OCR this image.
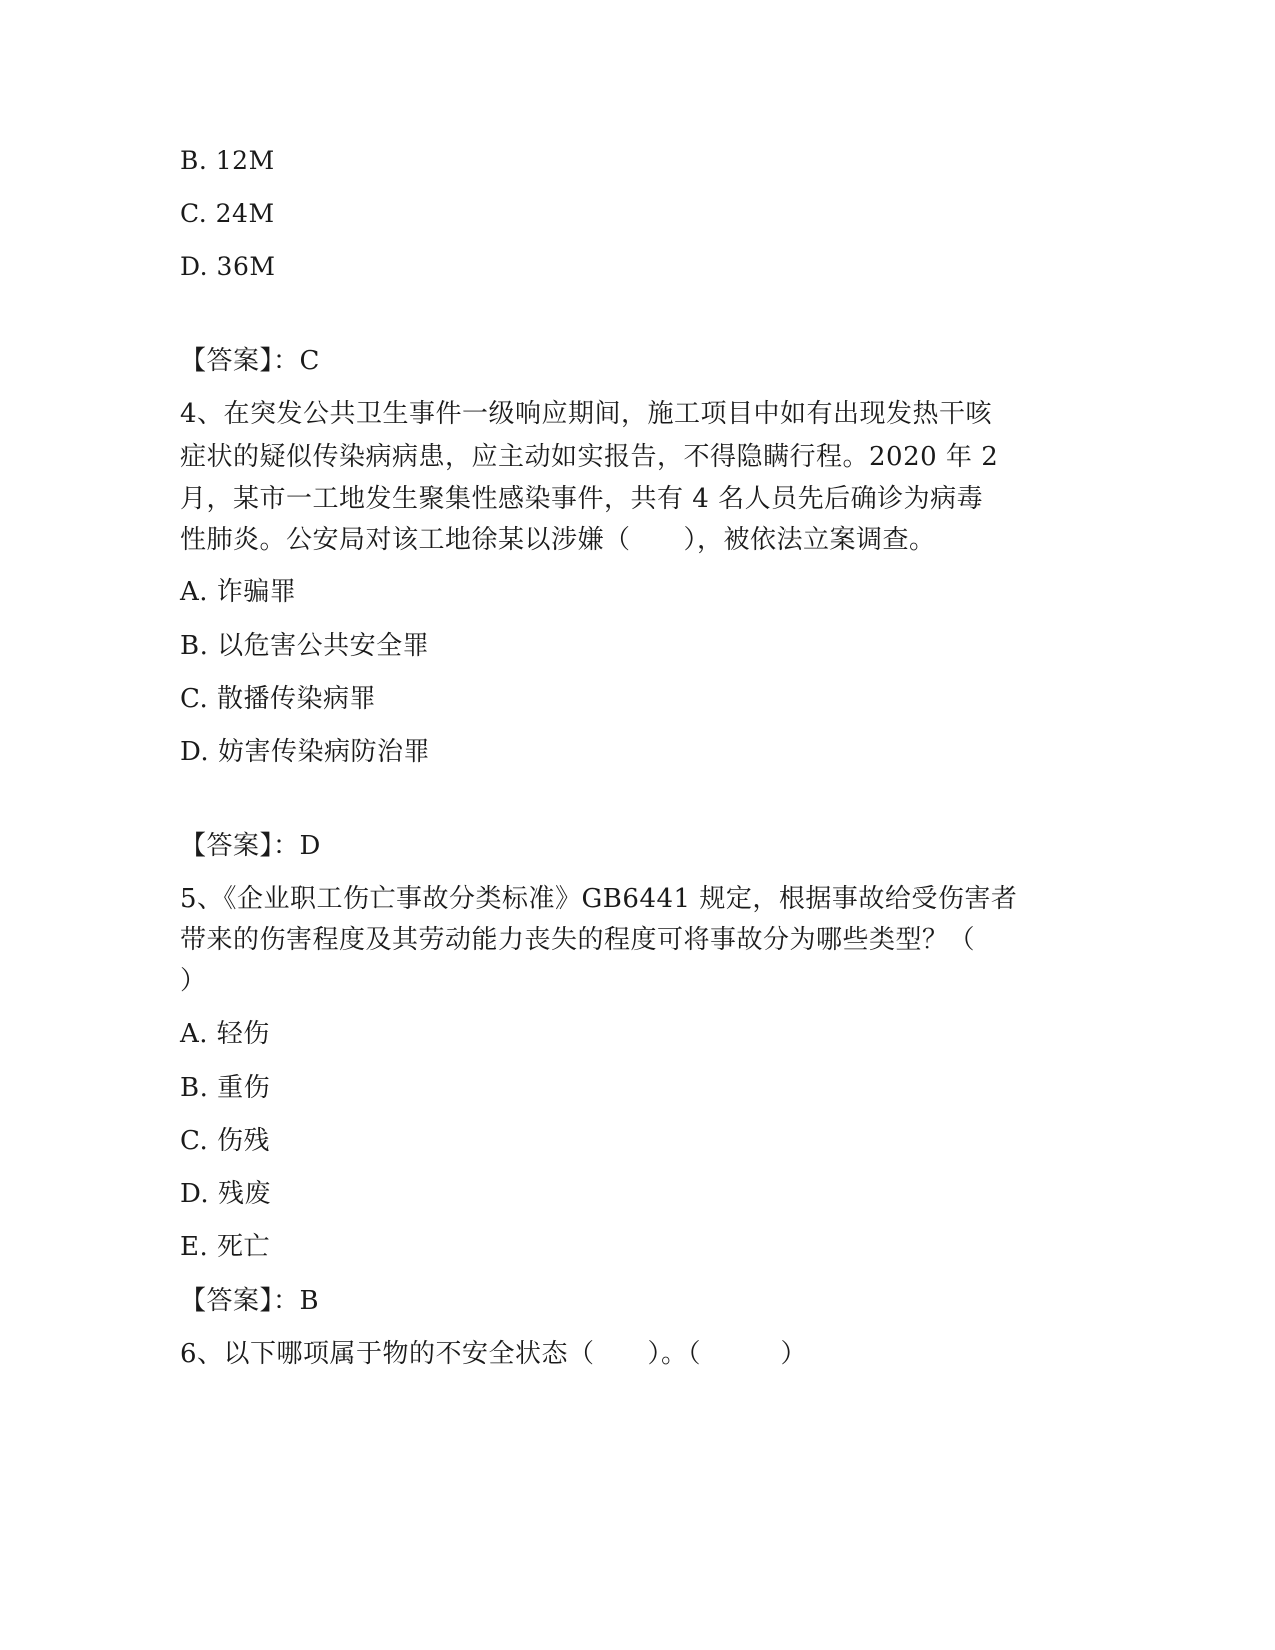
B. 12M
C. 24M
D. 36M
【答案】：C
4、在突发公共卫生事件一级响应期间，施工项目中如有出现发热干咳
症状的疑似传染病病患，应主动如实报告，不得隐瞒行程。2020 年 2
月，某市一工地发生聚集性感染事件，共有 4 名人员先后确诊为病毒
性肺炎。公安局对该工地徐某以涉嫌（　　），被依法立案调查。
A. 诈骗罪
B. 以危害公共安全罪
C. 散播传染病罪
D. 妨害传染病防治罪
【答案】：D
5、《企业职工伤亡事故分类标准》GB6441 规定，根据事故给受伤害者
带来的伤害程度及其劳动能力丧失的程度可将事故分为哪些类型？（
）
A. 轻伤
B. 重伤
C. 伤残
D. 残废
E. 死亡
【答案】：B
6、以下哪项属于物的不安全状态（　　）。（　　　）
